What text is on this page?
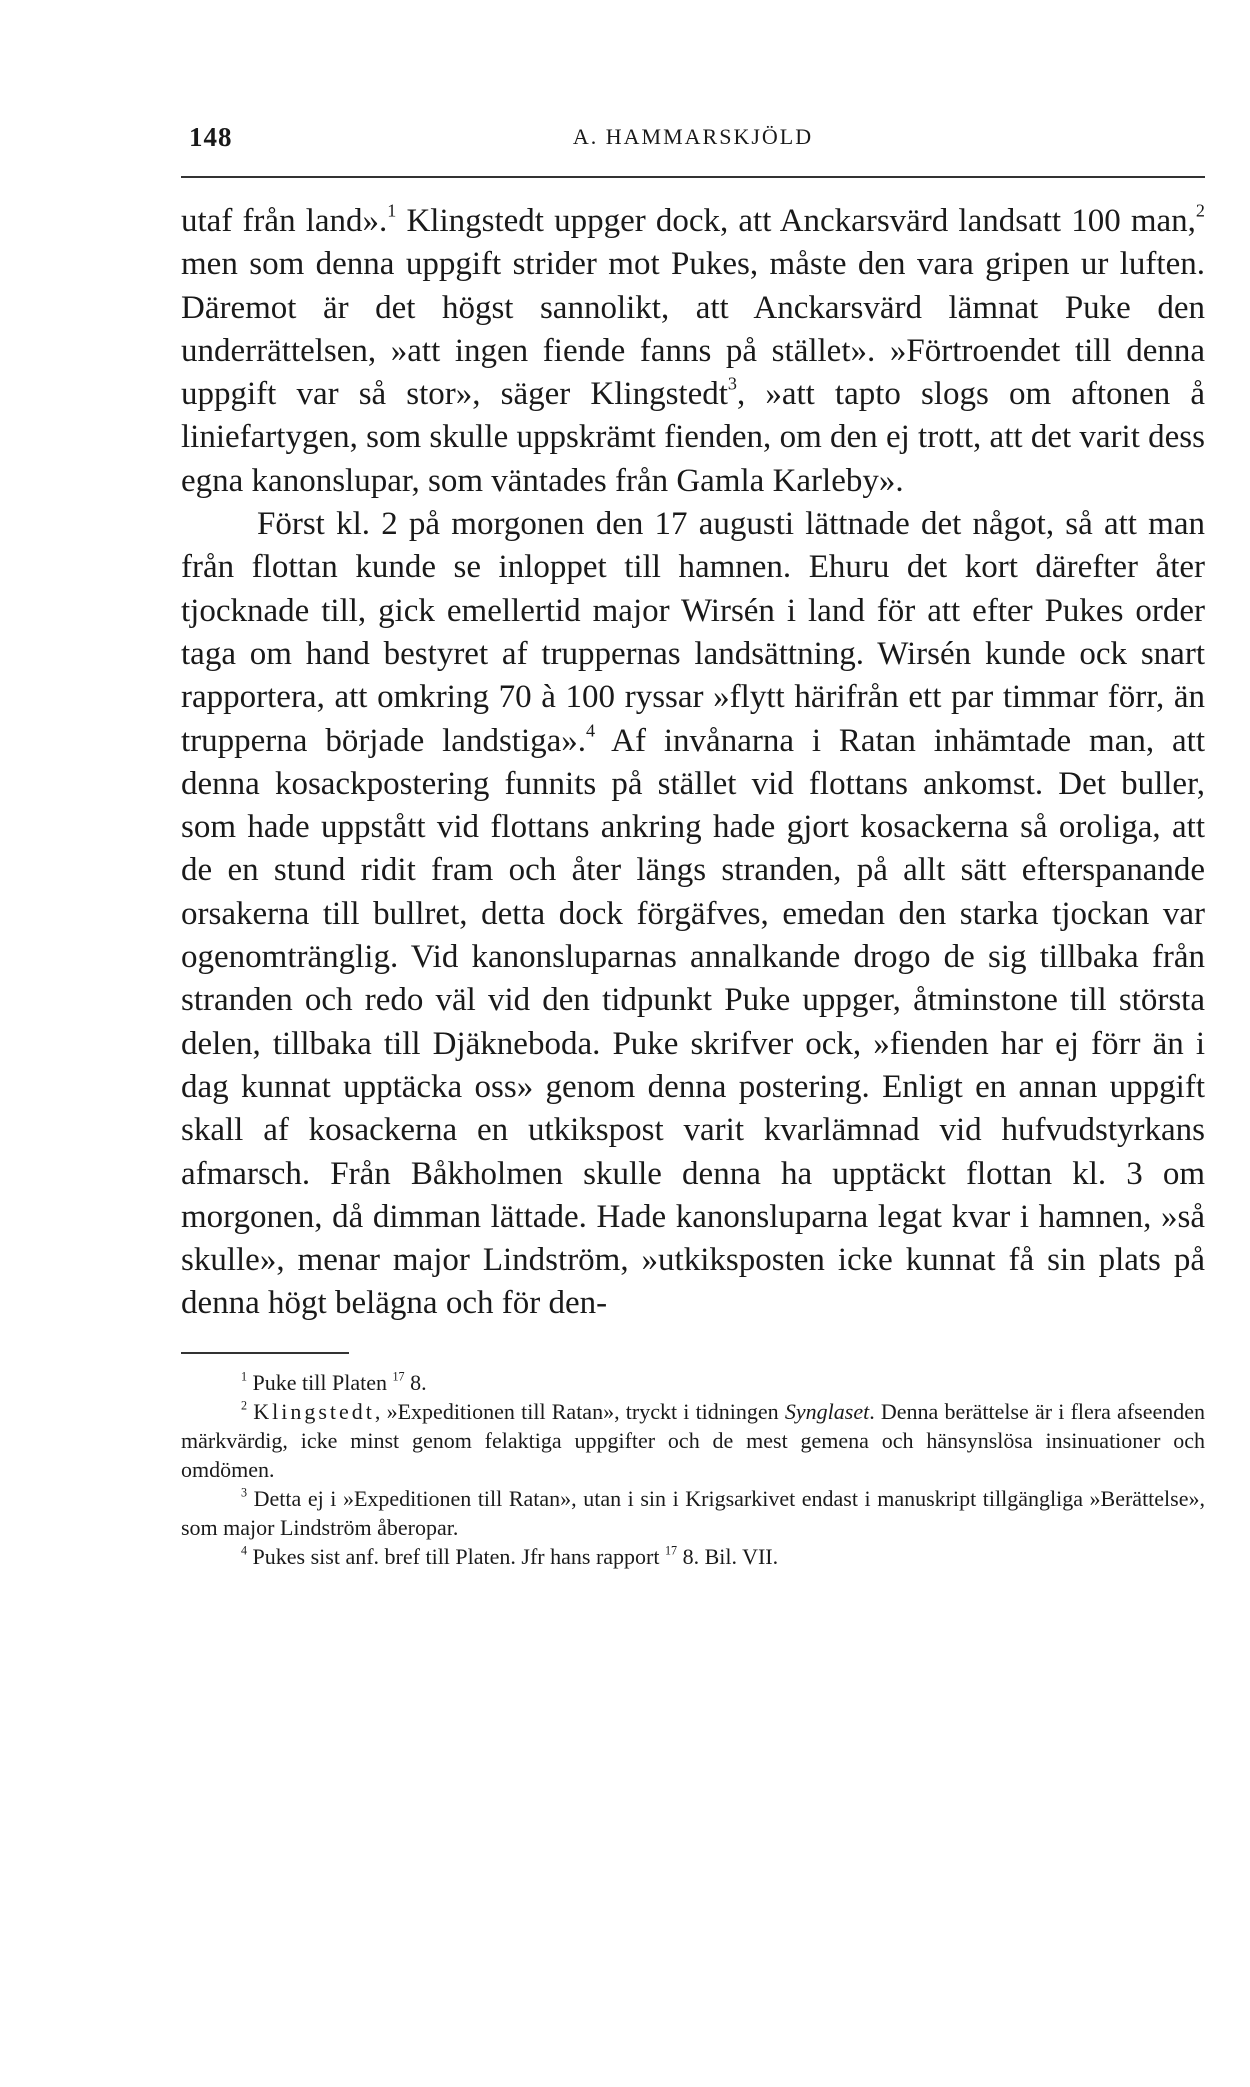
148	A. HAMMARSKJÖLD

utaf från land».$^1$ Klingstedt uppger dock, att Anckarsvärd landsatt 100 man,$^2$ men som denna uppgift strider mot Pukes, måste den vara gripen ur luften. Däremot är det högst sannolikt, att Anckarsvärd lämnat Puke den underrättelsen, »att ingen fiende fanns på stället». »Förtroendet till denna uppgift var så stor», säger Klingstedt$^3$, »att tapto slogs om aftonen å liniefartygen, som skulle uppskrämt fienden, om den ej trott, att det varit dess egna kanonslupar, som väntades från Gamla Karleby».

Först kl. 2 på morgonen den 17 augusti lättnade det något, så att man från flottan kunde se inloppet till hamnen. Ehuru det kort därefter åter tjocknade till, gick emellertid major Wirsén i land för att efter Pukes order taga om hand bestyret af truppernas landsättning. Wirsén kunde ock snart rapportera, att omkring 70 à 100 ryssar »flytt härifrån ett par timmar förr, än trupperna började landstiga».$^4$ Af invånarna i Ratan inhämtade man, att denna kosackpostering funnits på stället vid flottans ankomst. Det buller, som hade uppstått vid flottans ankring hade gjort kosackerna så oroliga, att de en stund ridit fram och åter längs stranden, på allt sätt efterspanande orsakerna till bullret, detta dock förgäfves, emedan den starka tjockan var ogenomtränglig. Vid kanonsluparnas annalkande drogo de sig tillbaka från stranden och redo väl vid den tidpunkt Puke uppger, åtminstone till största delen, tillbaka till Djäkneboda. Puke skrifver ock, »fienden har ej förr än i dag kunnat upptäcka oss» genom denna postering. Enligt en annan uppgift skall af kosackerna en utkikspost varit kvarlämnad vid hufvudstyrkans afmarsch. Från Båkholmen skulle denna ha upptäckt flottan kl. 3 om morgonen, då dimman lättade. Hade kanonsluparna legat kvar i hamnen, »så skulle», menar major Lindström, »utkiksposten icke kunnat få sin plats på denna högt belägna och för den-

$^1$ Puke till Platen $^{17}$ 8.

$^2$ Klingstedt, »Expeditionen till Ratan», tryckt i tidningen Synglaset. Denna berättelse är i flera afseenden märkvärdig, icke minst genom felaktiga uppgifter och de mest gemena och hänsynslösa insinuationer och omdömen.

$^3$ Detta ej i »Expeditionen till Ratan», utan i sin i Krigsarkivet endast i manuskript tillgängliga »Berättelse», som major Lindström åberopar.

$^4$ Pukes sist anf. bref till Platen. Jfr hans rapport $^{17}$ 8. Bil. VII.
